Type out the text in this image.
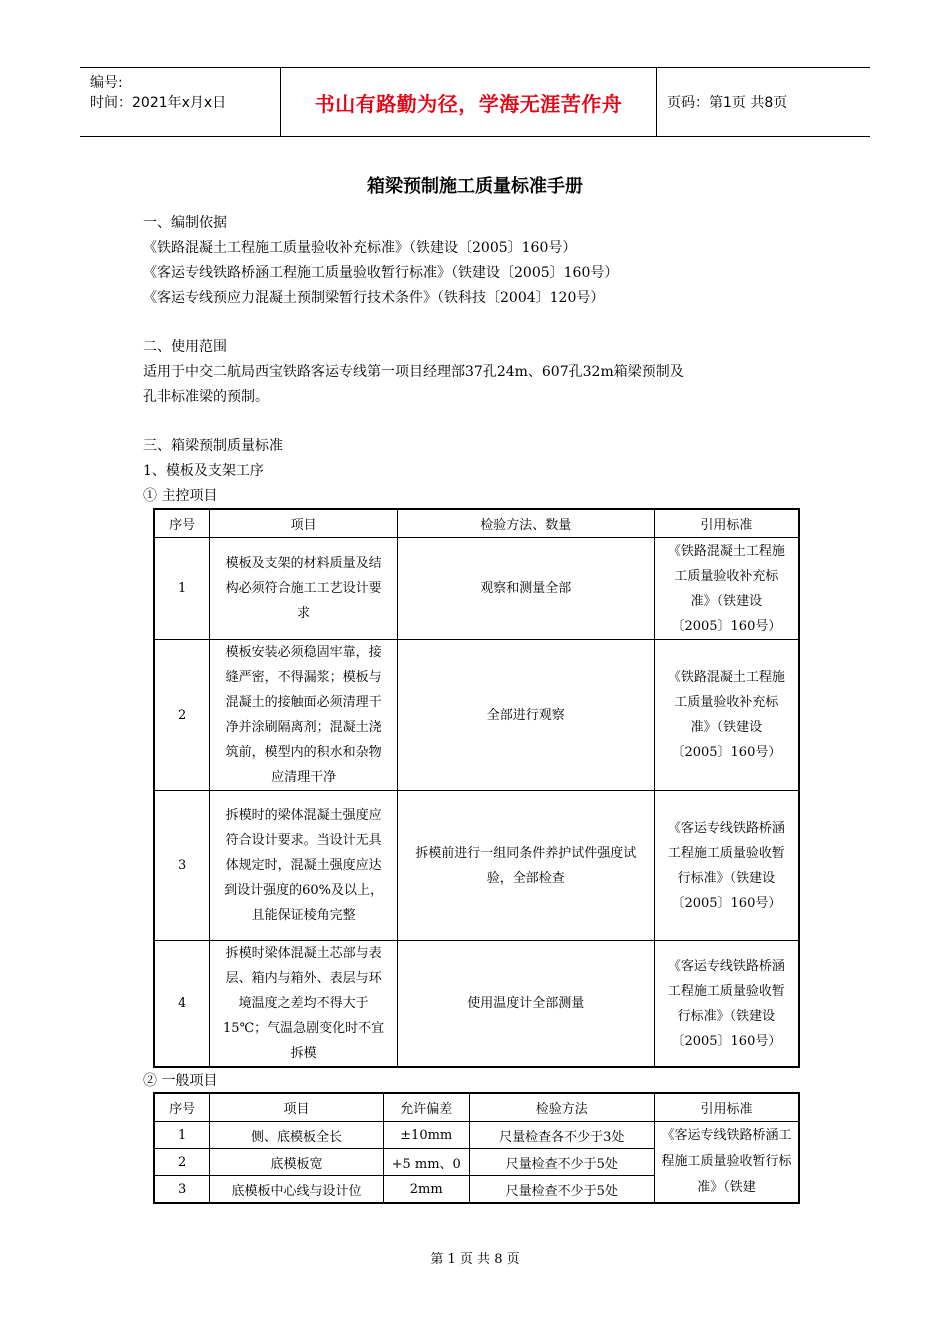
编号:
时间：2021年x月x日	书山有路勤为径，学海无涯苦作舟	页码：第1页 共8页
箱梁预制施工质量标准手册
一、编制依据
《铁路混凝土工程施工质量验收补充标准》（铁建设〔2005〕160号）
《客运专线铁路桥涵工程施工质量验收暂行标准》（铁建设〔2005〕160号）
《客运专线预应力混凝土预制梁暂行技术条件》（铁科技〔2004〕120号）
二、使用范围
适用于中交二航局西宝铁路客运专线第一项目经理部37孔24m、607孔32m箱梁预制及
孔非标准梁的预制。
三、箱梁预制质量标准
1、模板及支架工序
① 主控项目
序号	项目	检验方法、数量	引用标准
1	模板及支架的材料质量及结构必须符合施工工艺设计要求	观察和测量全部	《铁路混凝土工程施工质量验收补充标准》（铁建设〔2005〕160号）
2	模板安装必须稳固牢靠，接缝严密，不得漏浆；模板与混凝土的接触面必须清理干净并涂刷隔离剂；混凝土浇筑前，模型内的积水和杂物应清理干净	全部进行观察	《铁路混凝土工程施工质量验收补充标准》（铁建设〔2005〕160号）
3	拆模时的梁体混凝土强度应符合设计要求。当设计无具体规定时，混凝土强度应达到设计强度的60%及以上，且能保证棱角完整	拆模前进行一组同条件养护试件强度试验，全部检查	《客运专线铁路桥涵工程施工质量验收暂行标准》（铁建设〔2005〕160号）
4	拆模时梁体混凝土芯部与表层、箱内与箱外、表层与环境温度之差均不得大于15℃；气温急剧变化时不宜拆模	使用温度计全部测量	《客运专线铁路桥涵工程施工质量验收暂行标准》（铁建设〔2005〕160号）
② 一般项目
序号	项目	允许偏差	检验方法	引用标准
1	侧、底模板全长	±10mm	尺量检查各不少于3处	《客运专线铁路桥涵工程施工质量验收暂行标准》（铁建
2	底模板宽	+5 mm、0	尺量检查不少于5处	
3	底模板中心线与设计位	2mm	尺量检查不少于5处	
第 1 页 共 8 页
